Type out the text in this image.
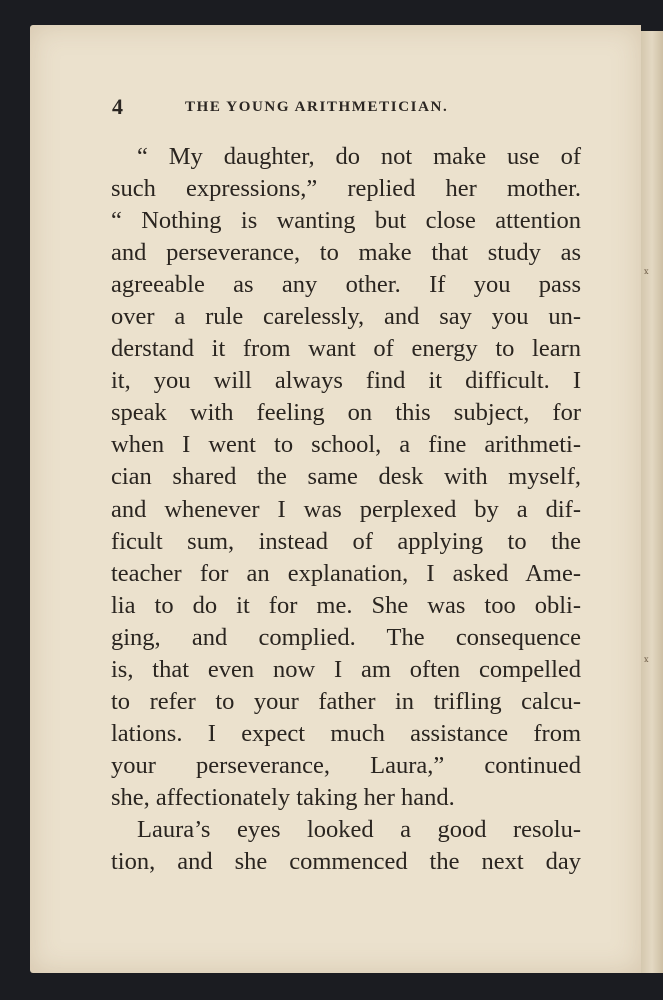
x
x
4	THE YOUNG ARITHMETICIAN.
“ My daughter, do not make use of
such expressions,” replied her mother.
“ Nothing is wanting but close attention
and perseverance, to make that study as
agreeable as any other. If you pass
over a rule carelessly, and say you un-
derstand it from want of energy to learn
it, you will always find it difficult. I
speak with feeling on this subject, for
when I went to school, a fine arithmeti-
cian shared the same desk with myself,
and whenever I was perplexed by a dif-
ficult sum, instead of applying to the
teacher for an explanation, I asked Ame-
lia to do it for me. She was too obli-
ging, and complied. The consequence
is, that even now I am often compelled
to refer to your father in trifling calcu-
lations. I expect much assistance from
your perseverance, Laura,” continued
she, affectionately taking her hand.
Laura’s eyes looked a good resolu-
tion, and she commenced the next day
